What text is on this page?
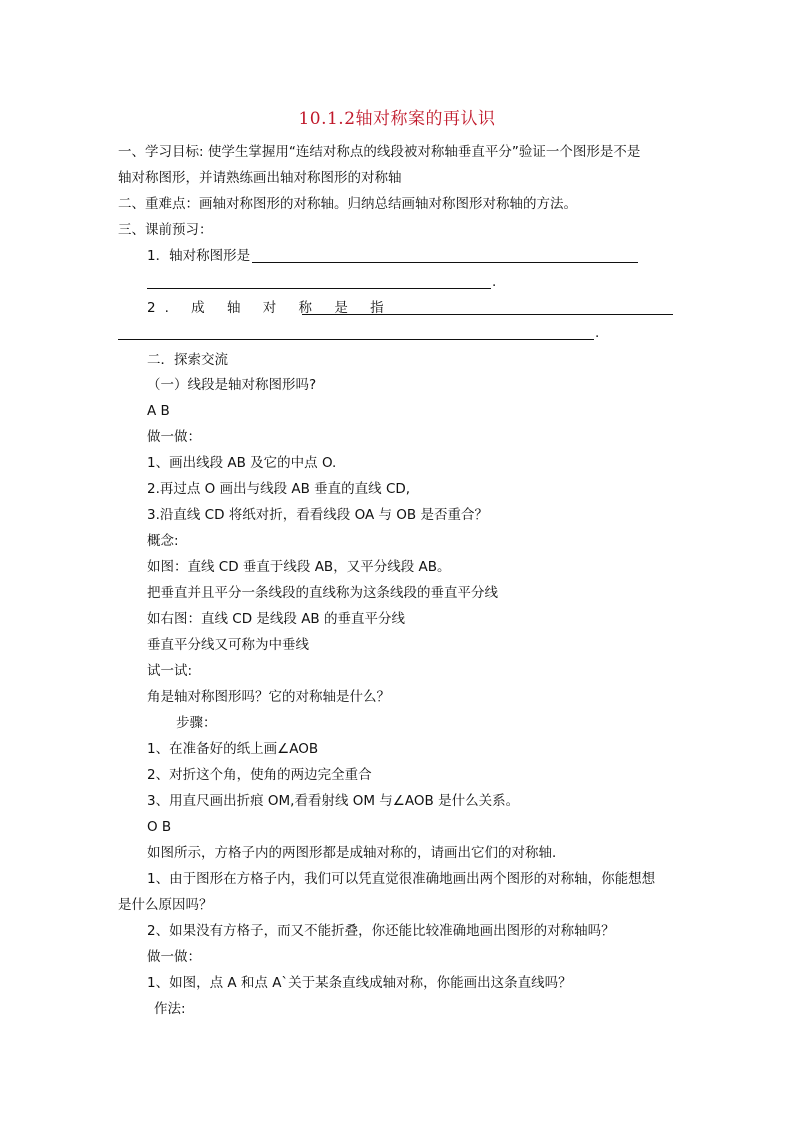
10.1.2轴对称案的再认识
一、学习目标: 使学生掌握用“连结对称点的线段被对称轴垂直平分”验证一个图形是不是
轴对称图形，并请熟练画出轴对称图形的对称轴
二、重难点：画轴对称图形的对称轴。归纳总结画轴对称图形对称轴的方法。
三、课前预习：
1．轴对称图形是
.
2. 成 轴 对 称 是 指
.
二．探索交流
（一）线段是轴对称图形吗?
A B
做一做：
1、画出线段 AB 及它的中点 O.
2.再过点 O 画出与线段 AB 垂直的直线 CD,
3.沿直线 CD 将纸对折，看看线段 OA 与 OB 是否重合？
概念:
如图：直线 CD 垂直于线段 AB，又平分线段 AB。
把垂直并且平分一条线段的直线称为这条线段的垂直平分线
如右图：直线 CD 是线段 AB 的垂直平分线
垂直平分线又可称为中垂线
试一试:
角是轴对称图形吗？它的对称轴是什么？
步骤：
1、在准备好的纸上画∠AOB
2、对折这个角，使角的两边完全重合
3、用直尺画出折痕 OM,看看射线 OM 与∠AOB 是什么关系。
O B
如图所示，方格子内的两图形都是成轴对称的，请画出它们的对称轴．
1、由于图形在方格子内，我们可以凭直觉很准确地画出两个图形的对称轴，你能想想
是什么原因吗？
2、如果没有方格子，而又不能折叠，你还能比较准确地画出图形的对称轴吗？
做一做：
1、如图，点 A 和点 A`关于某条直线成轴对称，你能画出这条直线吗？
作法:
